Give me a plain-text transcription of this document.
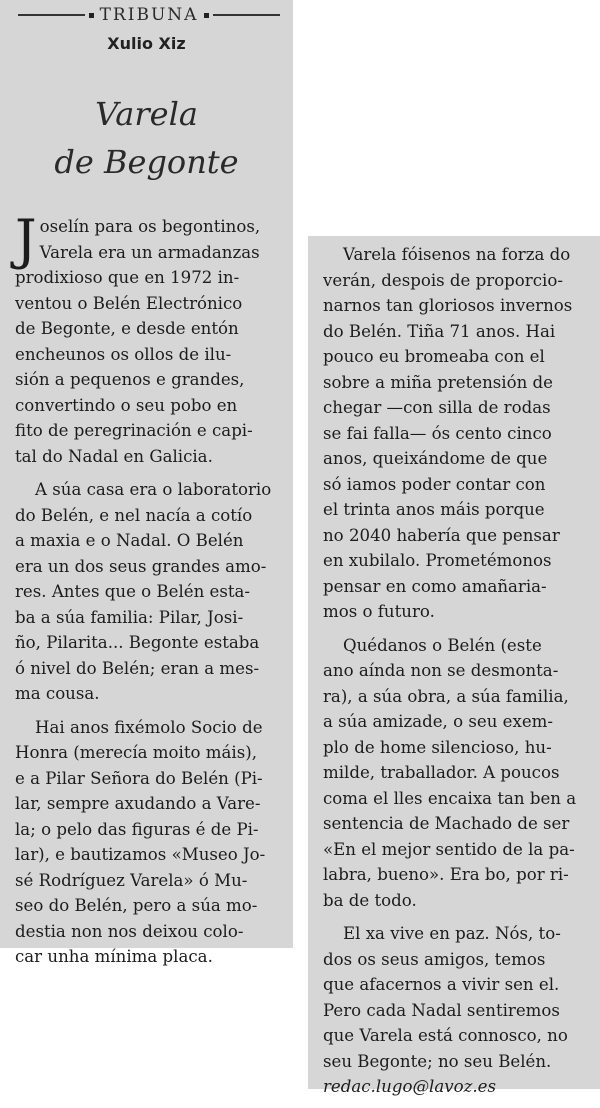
TRIBUNA
Xulio Xiz
Varela
de Begonte
J oselín para os begontinos,
Varela era un armadanzas
prodixioso que en 1972 in-
ventou o Belén Electrónico
de Begonte, e desde entón
encheunos os ollos de ilu-
sión a pequenos e grandes,
convertindo o seu pobo en
fito de peregrinación e capi-
tal do Nadal en Galicia.
A súa casa era o laboratorio
do Belén, e nel nacía a cotío
a maxia e o Nadal. O Belén
era un dos seus grandes amo-
res. Antes que o Belén esta-
ba a súa familia: Pilar, Josi-
ño, Pilarita... Begonte estaba
ó nivel do Belén; eran a mes-
ma cousa.
Hai anos fixémolo Socio de
Honra (merecía moito máis),
e a Pilar Señora do Belén (Pi-
lar, sempre axudando a Vare-
la; o pelo das figuras é de Pi-
lar), e bautizamos «Museo Jo-
sé Rodríguez Varela» ó Mu-
seo do Belén, pero a súa mo-
destia non nos deixou colo-
car unha mínima placa.
Varela fóisenos na forza do
verán, despois de proporcio-
narnos tan gloriosos invernos
do Belén. Tiña 71 anos. Hai
pouco eu bromeaba con el
sobre a miña pretensión de
chegar —con silla de rodas
se fai falla— ós cento cinco
anos, queixándome de que
só iamos poder contar con
el trinta anos máis porque
no 2040 habería que pensar
en xubilalo. Prometémonos
pensar en como amañaria-
mos o futuro.
Quédanos o Belén (este
ano aínda non se desmonta-
ra), a súa obra, a súa familia,
a súa amizade, o seu exem-
plo de home silencioso, hu-
milde, traballador. A poucos
coma el lles encaixa tan ben a
sentencia de Machado de ser
«En el mejor sentido de la pa-
labra, bueno». Era bo, por ri-
ba de todo.
El xa vive en paz. Nós, to-
dos os seus amigos, temos
que afacernos a vivir sen el.
Pero cada Nadal sentiremos
que Varela está connosco, no
seu Begonte; no seu Belén.
redac.lugo@lavoz.es
